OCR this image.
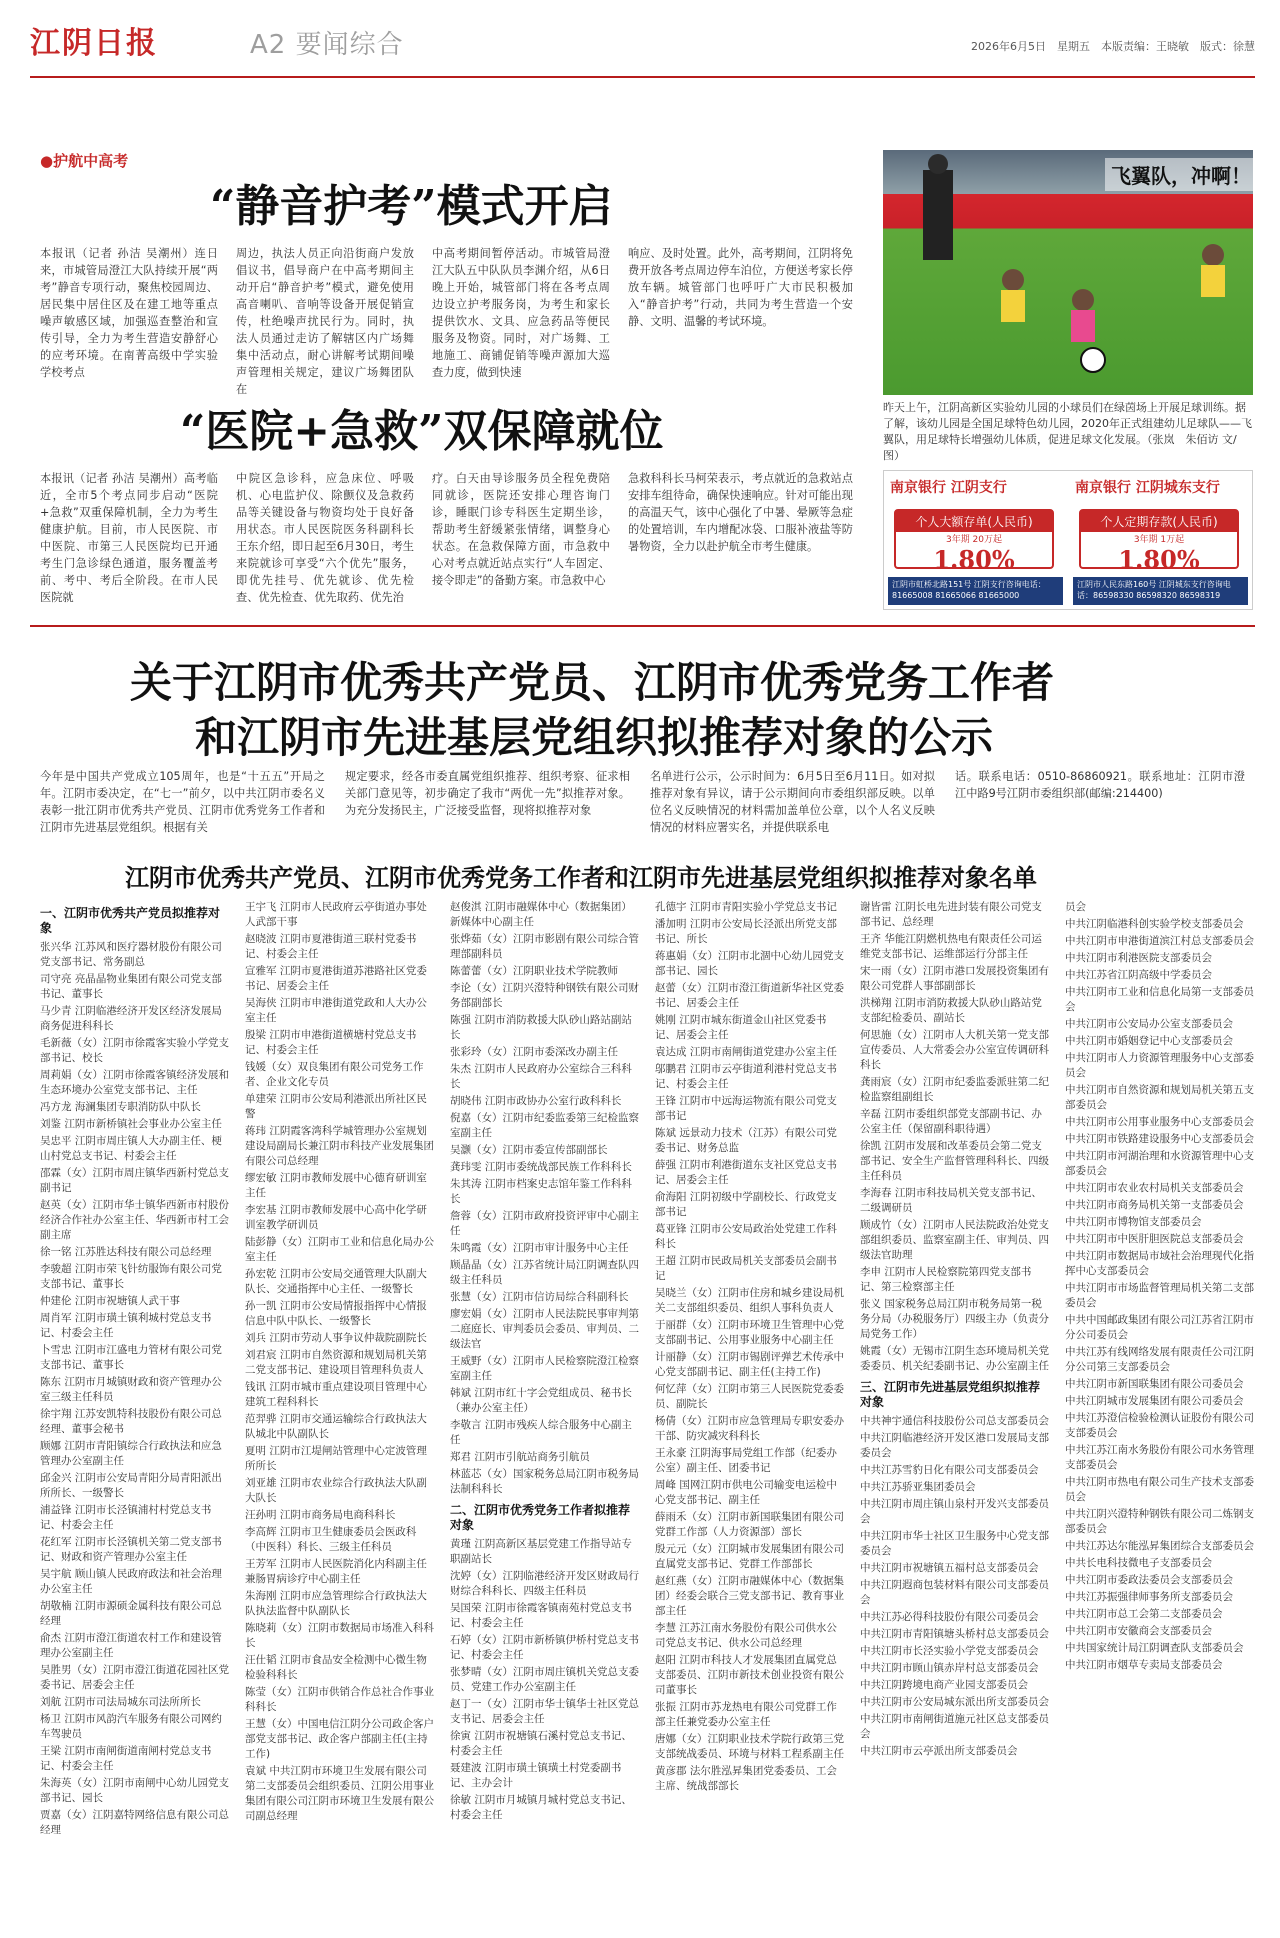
江阴日报	A2 要闻综合	2026年6月5日　星期五　本版责编：王晓敏　版式：徐慧
●护航中高考
“静音护考”模式开启
本报讯（记者 孙洁 吴潮州）连日来，市城管局澄江大队持续开展“两考”静音专项行动，聚焦校园周边、居民集中居住区及在建工地等重点噪声敏感区域，加强巡查整治和宣传引导，全力为考生营造安静舒心的应考环境。在南菁高级中学实验学校考点
周边，执法人员正向沿街商户发放倡议书，倡导商户在中高考期间主动开启“静音护考”模式，避免使用高音喇叭、音响等设备开展促销宣传，杜绝噪声扰民行为。同时，执法人员通过走访了解辖区内广场舞集中活动点，耐心讲解考试期间噪声管理相关规定，建议广场舞团队在
中高考期间暂停活动。市城管局澄江大队五中队队员李渊介绍，从6日晚上开始，城管部门将在各考点周边设立护考服务岗，为考生和家长提供饮水、文具、应急药品等便民服务及物资。同时，对广场舞、工地施工、商铺促销等噪声源加大巡查力度，做到快速
响应、及时处置。此外，高考期间，江阴将免费开放各考点周边停车泊位，方便送考家长停放车辆。城管部门也呼吁广大市民积极加入“静音护考”行动，共同为考生营造一个安静、文明、温馨的考试环境。
“医院+急救”双保障就位
本报讯（记者 孙洁 吴潮州）高考临近，全市5个考点同步启动“医院+急救”双重保障机制，全力为考生健康护航。目前，市人民医院、市中医院、市第三人民医院均已开通考生门急诊绿色通道，服务覆盖考前、考中、考后全阶段。在市人民医院就
中院区急诊科，应急床位、呼吸机、心电监护仪、除颤仪及急救药品等关键设备与物资均处于良好备用状态。市人民医院医务科副科长王东介绍，即日起至6月30日，考生来院就诊可享受“六个优先”服务，即优先挂号、优先就诊、优先检查、优先检查、优先取药、优先治
疗。白天由导诊服务员全程免费陪同就诊，医院还安排心理咨询门诊，睡眠门诊专科医生定期坐诊，帮助考生舒缓紧张情绪，调整身心状态。在急救保障方面，市急救中心对考点就近站点实行“人车固定、接令即走”的备勤方案。市急救中心
急救科科长马柯荣表示，考点就近的急救站点安排车组待命，确保快速响应。针对可能出现的高温天气，该中心强化了中暑、晕厥等急症的处置培训，车内增配冰袋、口服补液盐等防暑物资，全力以赴护航全市考生健康。
飞翼队，冲啊！
昨天上午，江阴高新区实验幼儿园的小球员们在绿茵场上开展足球训练。据了解，该幼儿园是全国足球特色幼儿园，2020年正式组建幼儿足球队——飞翼队，用足球特长增强幼儿体质，促进足球文化发展。（张岚　朱佰访 文/图）
南京银行 江阴支行
个人大额存单(人民币)
3年期 20万起
1.80%
江阴市虹桥北路151号 江阴支行咨询电话：81665008 81665066 81665000
南京银行 江阴城东支行
个人定期存款(人民币)
3年期 1万起
1.80%
江阴市人民东路160号 江阴城东支行咨询电话：86598330 86598320 86598319
关于江阴市优秀共产党员、江阴市优秀党务工作者
和江阴市先进基层党组织拟推荐对象的公示
今年是中国共产党成立105周年，也是“十五五”开局之年。江阴市委决定，在“七一”前夕，以中共江阴市委名义表彰一批江阴市优秀共产党员、江阴市优秀党务工作者和江阴市先进基层党组织。根据有关
规定要求，经各市委直属党组织推荐、组织考察、征求相关部门意见等，初步确定了我市“两优一先”拟推荐对象。为充分发扬民主，广泛接受监督，现将拟推荐对象
名单进行公示，公示时间为：6月5日至6月11日。如对拟推荐对象有异议，请于公示期间向市委组织部反映。以单位名义反映情况的材料需加盖单位公章，以个人名义反映情况的材料应署实名，并提供联系电
话。联系电话：0510-86860921。联系地址：江阴市澄江中路9号江阴市委组织部(邮编:214400)
江阴市优秀共产党员、江阴市优秀党务工作者和江阴市先进基层党组织拟推荐对象名单

一、江阴市优秀共产党员拟推荐对象

张兴华 江苏风和医疗器材股份有限公司党支部书记、常务副总

司守亮 亮晶晶物业集团有限公司党支部书记、董事长

马少青 江阴临港经济开发区经济发展局商务促进科科长

毛新薇（女）江阴市徐霞客实验小学党支部书记、校长

周莉娟（女）江阴市徐霞客镇经济发展和生态环境办公室党支部书记、主任

冯方龙 海澜集团专职消防队中队长

刘鉴 江阴市新桥镇社会事业办公室主任

吴忠平 江阴市周庄镇人大办副主任、梗山村党总支书记、村委会主任

邵霖（女）江阴市周庄镇华西新村党总支副书记

赵英（女）江阴市华士镇华西新市村股份经济合作社办公室主任、华西新市村工会副主席

徐一铭 江苏胜达科技有限公司总经理

李骏超 江阴市荣飞针纺服饰有限公司党支部书记、董事长

仲建伦 江阴市祝塘镇人武干事

周肖军 江阴市璜土镇利城村党总支书记、村委会主任

卜雪忠 江阴市江盛电力管材有限公司党支部书记、董事长

陈东 江阴市月城镇财政和资产管理办公室三级主任科员

徐宇翔 江苏安凯特科技股份有限公司总经理、董事会秘书

顾娜 江阴市青阳镇综合行政执法和应急管理办公室副主任

邱金兴 江阴市公安局青阳分局青阳派出所所长、一级警长

浦益锋 江阴市长泾镇浦村村党总支书记、村委会主任

花红军 江阴市长泾镇机关第二党支部书记、财政和资产管理办公室主任

吴宇航 顾山镇人民政府政法和社会治理办公室主任

胡敬楠 江阴市源硕金属科技有限公司总经理

俞杰 江阴市澄江街道农村工作和建设管理办公室副主任

吴胜男（女）江阴市澄江街道花园社区党委书记、居委会主任

刘航 江阴市司法局城东司法所所长

杨卫 江阴市风韵汽车服务有限公司网约车驾驶员

王梁 江阴市南闸街道南闸村党总支书记、村委会主任

朱海英（女）江阴市南闸中心幼儿园党支部书记、园长

贾嘉（女）江阴嘉特网络信息有限公司总经理

王宇飞 江阴市人民政府云亭街道办事处人武部干事

赵晓波 江阴市夏港街道三联村党委书记、村委会主任

宣雅军 江阴市夏港街道苏港路社区党委书记、居委会主任

吴海侠 江阴市申港街道党政和人大办公室主任

殷梁 江阴市申港街道横塘村党总支书记、村委会主任

钱媛（女）双良集团有限公司党务工作者、企业文化专员

单建荣 江阴市公安局利港派出所社区民警

蒋玮 江阴霞客湾科学城管理办公室规划建设局副局长兼江阴市科技产业发展集团有限公司总经理

缪宏敏 江阴市教师发展中心德育研训室主任

李宏基 江阴市教师发展中心高中化学研训室教学研训员

陆彭静（女）江阴市工业和信息化局办公室主任

孙宏乾 江阴市公安局交通管理大队副大队长、交通指挥中心主任、一级警长

孙一凯 江阴市公安局情报指挥中心情报信息中队中队长、一级警长

刘兵 江阴市劳动人事争议仲裁院副院长

刘君宸 江阴市自然资源和规划局机关第二党支部书记、建设项目管理科负责人

钱讯 江阴市城市重点建设项目管理中心建筑工程科科长

范羿骅 江阴市交通运输综合行政执法大队城北中队副队长

夏明 江阴市江堤闸站管理中心定波管理所所长

刘亚雄 江阴市农业综合行政执法大队副大队长

汪孙明 江阴市商务局电商科科长

李高辉 江阴市卫生健康委员会医政科（中医科）科长、三级主任科员

王芳军 江阴市人民医院消化内科副主任兼肠胃病诊疗中心副主任

朱海刚 江阴市应急管理综合行政执法大队执法监督中队副队长

陈晓莉（女）江阴市数据局市场准入科科长

汪仕韬 江阴市食品安全检测中心微生物检验科科长

陈莹（女）江阴市供销合作总社合作事业科科长

王慧（女）中国电信江阴分公司政企客户部党支部书记、政企客户部副主任(主持工作)

袁斌 中共江阴市环境卫生发展有限公司第二支部委员会组织委员、江阴公用事业集团有限公司江阴市环境卫生发展有限公司副总经理

赵俊淇 江阴市融媒体中心（数据集团）新媒体中心副主任

张烨茹（女）江阴市影剧有限公司综合管理部副科员

陈蕾蕾（女）江阴职业技术学院教师

李论（女）江阴兴澄特种钢铁有限公司财务部副部长

陈强 江阴市消防救援大队砂山路站副站长

张彩玲（女）江阴市委深改办副主任

朱杰 江阴市人民政府办公室综合三科科长

胡晓伟 江阴市政协办公室行政科科长

倪嘉（女）江阴市纪委监委第三纪检监察室副主任

吴灏（女）江阴市委宣传部副部长

龚玮雯 江阴市委统战部民族工作科科长

朱其涛 江阴市档案史志馆年鉴工作科科长

詹蓉（女）江阴市政府投资评审中心副主任

朱鸣霞（女）江阴市审计服务中心主任

顾晶晶（女）江苏省统计局江阴调查队四级主任科员

张慧（女）江阴市信访局综合科副科长

廖宏娟（女）江阴市人民法院民事审判第二庭庭长、审判委员会委员、审判员、二级法官

王威野（女）江阴市人民检察院澄江检察室副主任

韩斌 江阴市红十字会党组成员、秘书长（兼办公室主任）

李敬言 江阴市残疾人综合服务中心副主任

郑君 江阴市引航站商务引航员

林蓝芯（女）国家税务总局江阴市税务局法制科科长

二、江阴市优秀党务工作者拟推荐对象

黄瑾 江阴高新区基层党建工作指导站专职副站长

沈婷（女）江阴临港经济开发区财政局行财综合科科长、四级主任科员

吴国荣 江阴市徐霞客镇南苑村党总支书记、村委会主任

石婷（女）江阴市新桥镇伊桥村党总支书记、村委会主任

张梦晴（女）江阴市周庄镇机关党总支委员、党建工作办公室副主任

赵丁一（女）江阴市华士镇华士社区党总支书记、居委会主任

徐寅 江阴市祝塘镇石溪村党总支书记、村委会主任

聂建波 江阴市璜土镇璜土村党委副书记、主办会计

徐敏 江阴市月城镇月城村党总支书记、村委会主任

孔德宇 江阴市青阳实验小学党总支书记

潘加明 江阴市公安局长泾派出所党支部书记、所长

蒋惠娟（女）江阴市北涸中心幼儿园党支部书记、园长

赵蕾（女）江阴市澄江街道新华社区党委书记、居委会主任

姚刚 江阴市城东街道金山社区党委书记、居委会主任

袁达成 江阴市南闸街道党建办公室主任

邬鹏君 江阴市云亭街道利港村党总支书记、村委会主任

王锋 江阴市中远海运物流有限公司党支部书记

陈斌 远景动力技术（江苏）有限公司党委书记、财务总监

薛强 江阴市利港街道东支社区党总支书记、居委会主任

俞海阳 江阴初级中学副校长、行政党支部书记

葛亚锋 江阴市公安局政治处党建工作科科长

王超 江阴市民政局机关支部委员会副书记

吴晓兰（女）江阴市住房和城乡建设局机关二支部组织委员、组织人事科负责人

于丽群（女）江阴市环境卫生管理中心党支部副书记、公用事业服务中心副主任

计丽静（女）江阴市锡剧评弹艺术传承中心党支部副书记、副主任(主持工作)

何忆萍（女）江阴市第三人民医院党委委员、副院长

杨倩（女）江阴市应急管理局专职安委办干部、防灾减灾科科长

王永豪 江阴海事局党组工作部（纪委办公室）副主任、团委书记

周峰 国网江阴市供电公司输变电运检中心党支部书记、副主任

薛雨禾（女）江阴市新国联集团有限公司党群工作部（人力资源部）部长

殷元元（女）江阴城市发展集团有限公司直属党支部书记、党群工作部部长

赵红燕（女）江阴市融媒体中心（数据集团）经委会联合三党支部书记、教育事业部主任

李慧 江苏江南水务股份有限公司供水公司党总支书记、供水公司总经理

赵阳 江阴市科技人才发展集团直属党总支部委员、江阴市新技术创业投资有限公司董事长

张振 江阴市苏龙热电有限公司党群工作部主任兼党委办公室主任

唐娜（女）江阴职业技术学院行政第三党支部统战委员、环境与材料工程系副主任

黄彦郡 法尔胜泓昇集团党委委员、工会主席、统战部部长

谢皆雷 江阴长电先进封装有限公司党支部书记、总经理

王齐 华能江阴燃机热电有限责任公司运维党支部书记、运维部运行分部主任

宋一雨（女）江阴市港口发展投资集团有限公司党群人事部副部长

洪梯翔 江阴市消防救援大队砂山路站党支部纪检委员、副站长

何思施（女）江阴市人大机关第一党支部宣传委员、人大常委会办公室宣传调研科科长

龚雨宸（女）江阴市纪委监委派驻第二纪检监察组副组长

辛磊 江阴市委组织部党支部副书记、办公室主任（保留副科职待遇）

徐凯 江阴市发展和改革委员会第二党支部书记、安全生产监督管理科科长、四级主任科员

李海春 江阴市科技局机关党支部书记、二级调研员

顾成竹（女）江阴市人民法院政治处党支部组织委员、监察室副主任、审判员、四级法官助理

李申 江阴市人民检察院第四党支部书记、第三检察部主任

张义 国家税务总局江阴市税务局第一税务分局（办税服务厅）四级主办（负责分局党务工作）

姚霞（女）无锡市江阴生态环境局机关党委委员、机关纪委副书记、办公室副主任

三、江阴市先进基层党组织拟推荐对象

中共神宇通信科技股份公司总支部委员会

中共江阴临港经济开发区港口发展局支部委员会

中共江苏雪豹日化有限公司支部委员会

中共江苏骄亚集团委员会

中共江阴市周庄镇山泉村开发兴支部委员会

中共江阴市华士社区卫生服务中心党支部委员会

中共江阴市祝塘镇五福村总支部委员会

中共江阴遐商包装材料有限公司支部委员会

中共江苏必得科技股份有限公司委员会

中共江阴市青阳镇塘头桥村总支部委员会

中共江阴市长泾实验小学党支部委员会

中共江阴市顾山镇赤岸村总支部委员会

中共江阴跨境电商产业园支部委员会

中共江阴市公安局城东派出所支部委员会

中共江阴市南闸街道施元社区总支部委员会

中共江阴市云亭派出所支部委员会

员会

中共江阴临港科创实验学校支部委员会

中共江阴市申港街道滨江村总支部委员会

中共江阴市利港医院支部委员会

中共江苏省江阴高级中学委员会

中共江阴市工业和信息化局第一支部委员会

中共江阴市公安局办公室支部委员会

中共江阴市婚姻登记中心支部委员会

中共江阴市人力资源管理服务中心支部委员会

中共江阴市自然资源和规划局机关第五支部委员会

中共江阴市公用事业服务中心支部委员会

中共江阴市铁路建设服务中心支部委员会

中共江阴市河湖治理和水资源管理中心支部委员会

中共江阴市农业农村局机关支部委员会

中共江阴市商务局机关第一支部委员会

中共江阴市博物馆支部委员会

中共江阴市中医肝胆医院总支部委员会

中共江阴市数据局市域社会治理现代化指挥中心支部委员会

中共江阴市市场监督管理局机关第二支部委员会

中共中国邮政集团有限公司江苏省江阴市分公司委员会

中共江苏有线网络发展有限责任公司江阴分公司第三支部委员会

中共江阴市新国联集团有限公司委员会

中共江阴城市发展集团有限公司委员会

中共江苏澄信检验检测认证股份有限公司支部委员会

中共江苏江南水务股份有限公司水务管理支部委员会

中共江阴市热电有限公司生产技术支部委员会

中共江阴兴澄特种钢铁有限公司二炼钢支部委员会

中共江苏达尔能泓昇集团综合支部委员会

中共长电科技微电子支部委员会

中共江阴市委政法委员会支部委员会

中共江苏振强律师事务所支部委员会

中共江阴市总工会第二支部委员会

中共江阴市安徽商会支部委员会

中共国家统计局江阴调查队支部委员会

中共江阴市烟草专卖局支部委员会
